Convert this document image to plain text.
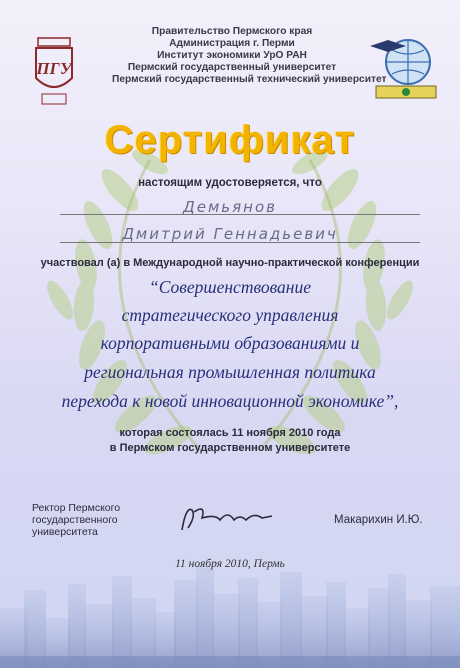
ПГУ
Правительство Пермского края
Администрация г. Перми
Институт экономики УрО РАН
Пермский государственный университет
Пермский государственный технический университет
Сертификат
настоящим удостоверяется, что
Демьянов
Дмитрий Геннадьевич
участвовал (а) в Международной научно-практической конференции
“Совершенствование
стратегического управления
корпоративными образованиями и
региональная промышленная политика
перехода к новой инновационной экономике”,
которая состоялась 11 ноября 2010 года
в Пермском государственном университете
Ректор Пермского
государственного
университета
Макарихин И.Ю.
11 ноября 2010, Пермь
